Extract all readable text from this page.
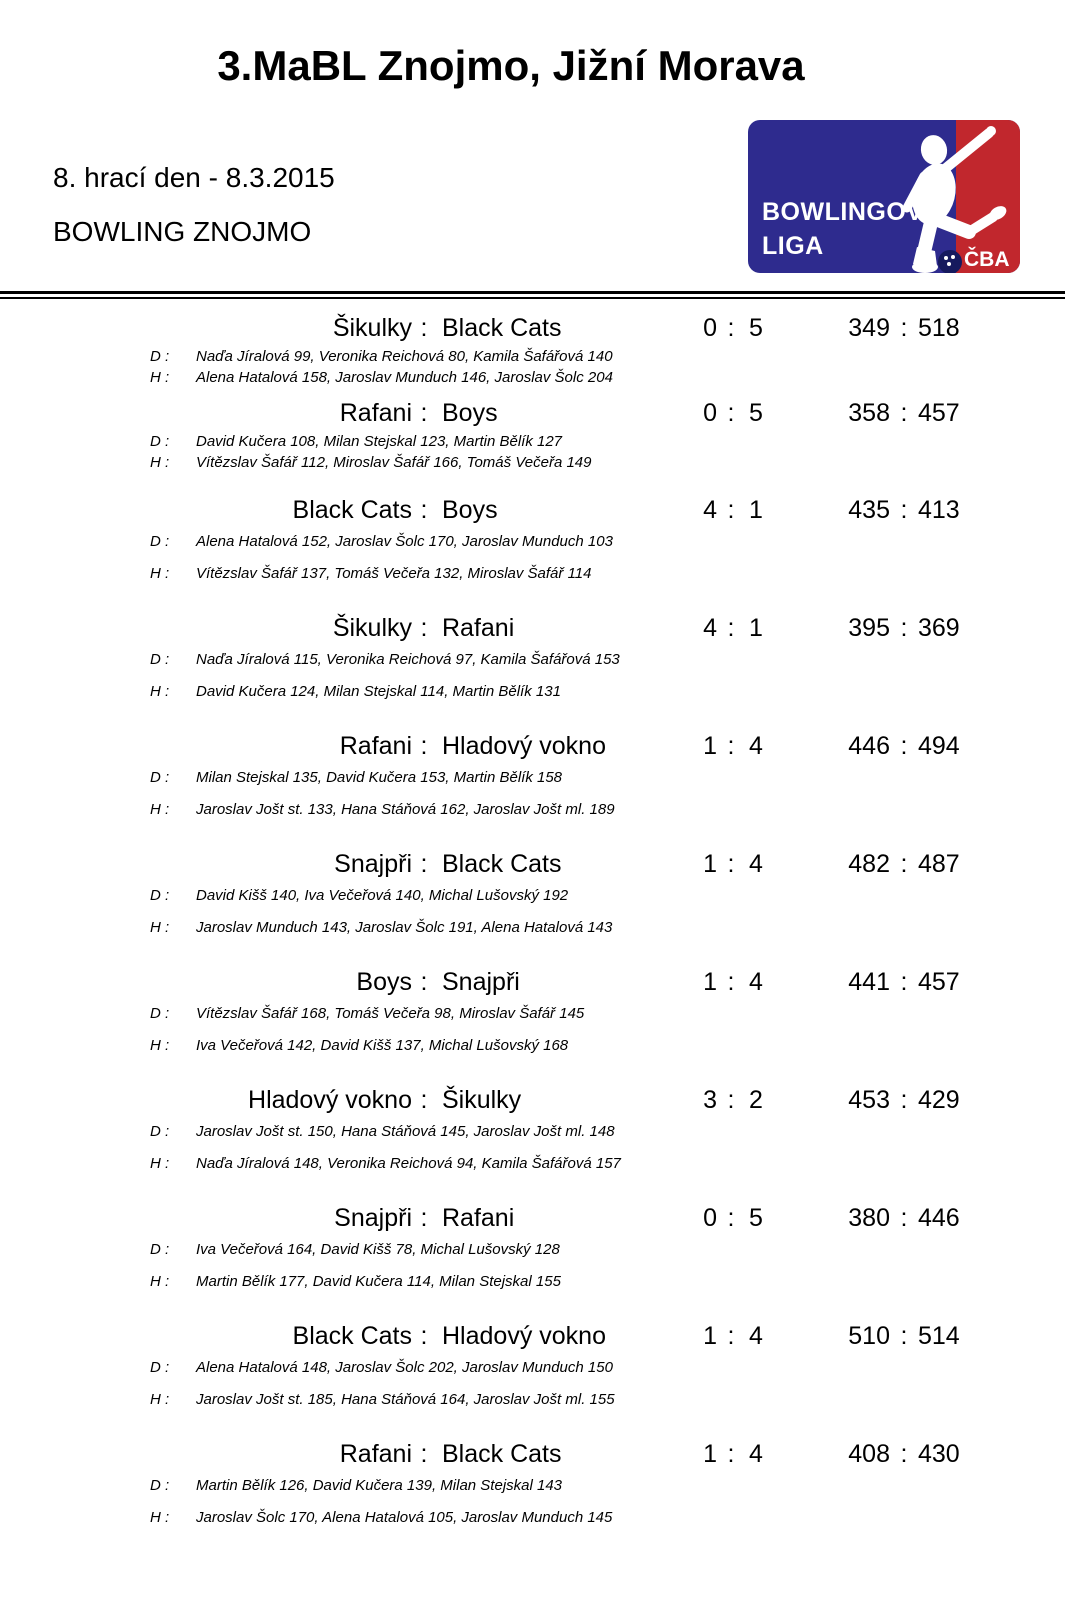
3.MaBL Znojmo, Jižní Morava
8. hrací den - 8.3.2015
BOWLING ZNOJMO
BOWLINGOVÁ
LIGA	ČBA
Šikulky : Black Cats	0 : 5	349 : 518
D : Naďa Jíralová 99, Veronika Reichová 80, Kamila Šafářová 140
H : Alena Hatalová 158, Jaroslav Munduch 146, Jaroslav Šolc 204
Rafani : Boys	0 : 5	358 : 457
D : David Kučera 108, Milan Stejskal 123, Martin Bělík 127
H : Vítězslav Šafář 112, Miroslav Šafář 166, Tomáš Večeřa 149
Black Cats : Boys	4 : 1	435 : 413
D : Alena Hatalová 152, Jaroslav Šolc 170, Jaroslav Munduch 103
H : Vítězslav Šafář 137, Tomáš Večeřa 132, Miroslav Šafář 114
Šikulky : Rafani	4 : 1	395 : 369
D : Naďa Jíralová 115, Veronika Reichová 97, Kamila Šafářová 153
H : David Kučera 124, Milan Stejskal 114, Martin Bělík 131
Rafani : Hladový vokno	1 : 4	446 : 494
D : Milan Stejskal 135, David Kučera 153, Martin Bělík 158
H : Jaroslav Jošt st. 133, Hana Stáňová 162, Jaroslav Jošt ml. 189
Snajpři : Black Cats	1 : 4	482 : 487
D : David Kišš 140, Iva Večeřová 140, Michal Lušovský 192
H : Jaroslav Munduch 143, Jaroslav Šolc 191, Alena Hatalová 143
Boys : Snajpři	1 : 4	441 : 457
D : Vítězslav Šafář 168, Tomáš Večeřa 98, Miroslav Šafář 145
H : Iva Večeřová 142, David Kišš 137, Michal Lušovský 168
Hladový vokno : Šikulky	3 : 2	453 : 429
D : Jaroslav Jošt st. 150, Hana Stáňová 145, Jaroslav Jošt ml. 148
H : Naďa Jíralová 148, Veronika Reichová 94, Kamila Šafářová 157
Snajpři : Rafani	0 : 5	380 : 446
D : Iva Večeřová 164, David Kišš 78, Michal Lušovský 128
H : Martin Bělík 177, David Kučera 114, Milan Stejskal 155
Black Cats : Hladový vokno	1 : 4	510 : 514
D : Alena Hatalová 148, Jaroslav Šolc 202, Jaroslav Munduch 150
H : Jaroslav Jošt st. 185, Hana Stáňová 164, Jaroslav Jošt ml. 155
Rafani : Black Cats	1 : 4	408 : 430
D : Martin Bělík 126, David Kučera 139, Milan Stejskal 143
H : Jaroslav Šolc 170, Alena Hatalová 105, Jaroslav Munduch 145
